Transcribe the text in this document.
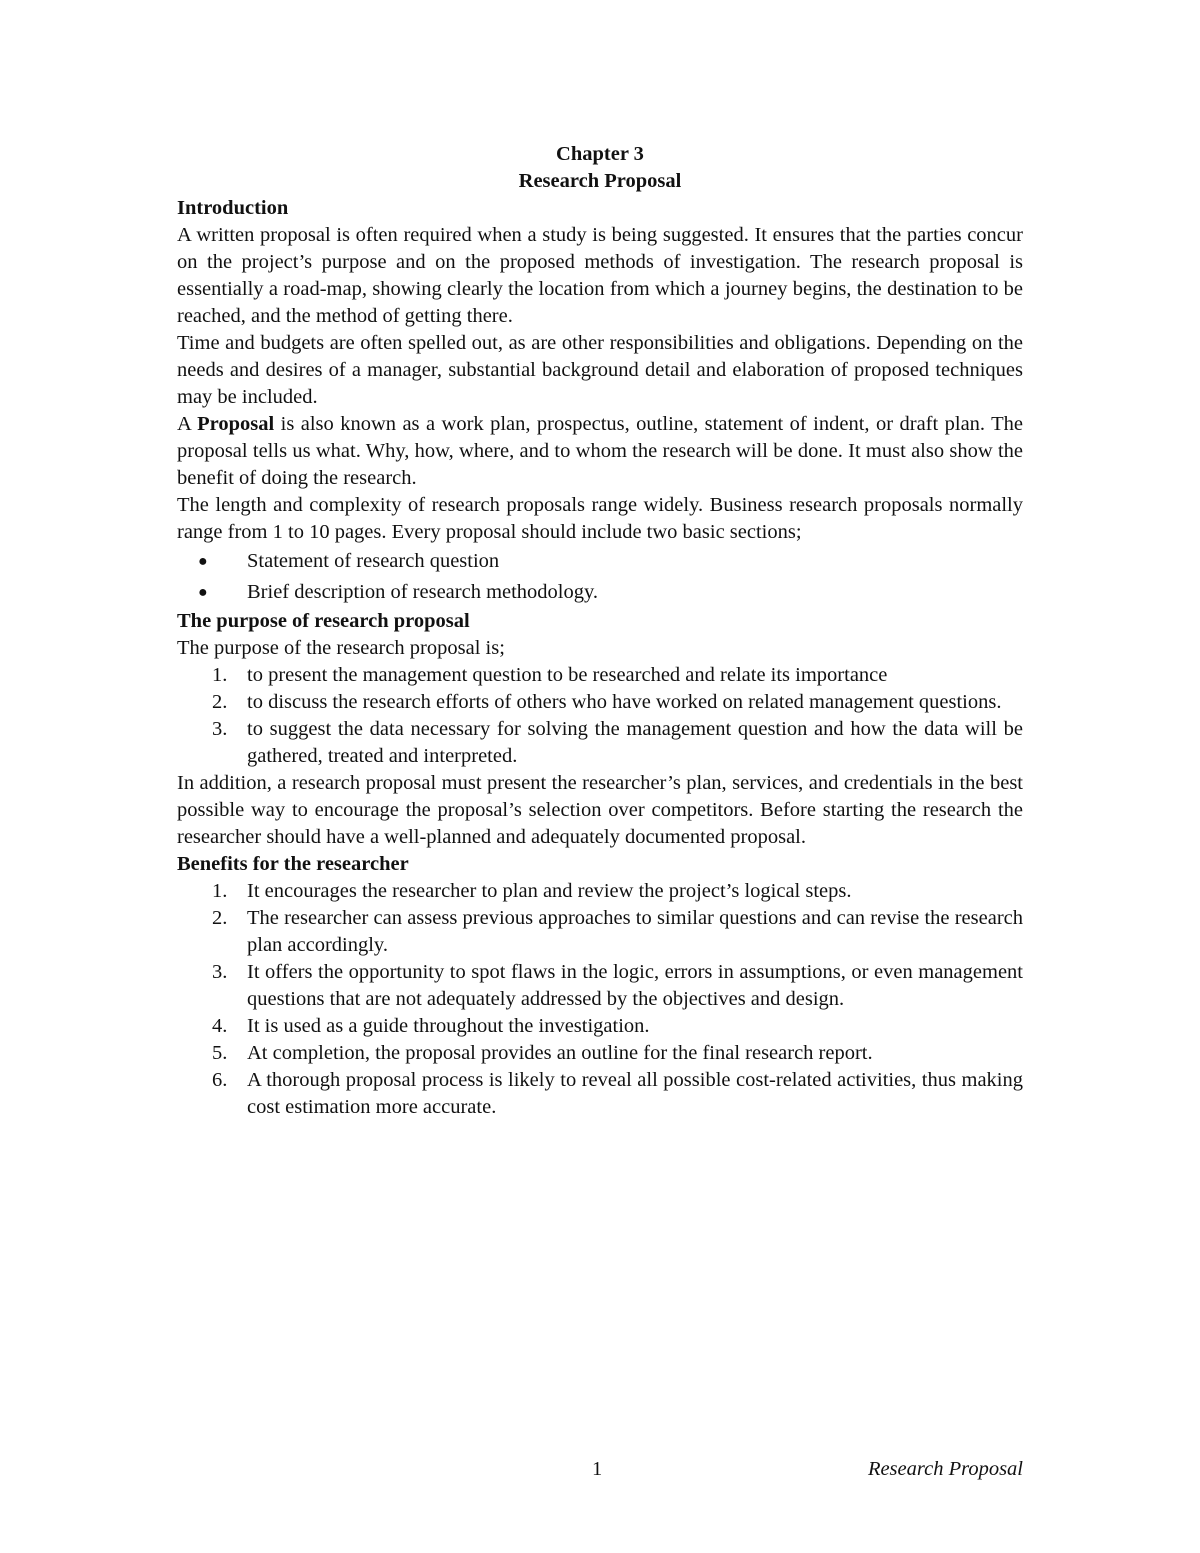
Chapter 3
Research Proposal
Introduction

A written proposal is often required when a study is being suggested. It ensures that the parties concur on the project’s purpose and on the proposed methods of investigation. The research proposal is essentially a road-map, showing clearly the location from which a journey begins, the destination to be reached, and the method of getting there.

Time and budgets are often spelled out, as are other responsibilities and obligations. Depending on the needs and desires of a manager, substantial background detail and elaboration of proposed techniques may be included.

A Proposal is also known as a work plan, prospectus, outline, statement of indent, or draft plan. The proposal tells us what. Why, how, where, and to whom the research will be done. It must also show the benefit of doing the research.

The length and complexity of research proposals range widely. Business research proposals normally range from 1 to 10 pages. Every proposal should include two basic sections;

● Statement of research question
● Brief description of research methodology.
The purpose of research proposal

The purpose of the research proposal is;

1. to present the management question to be researched and relate its importance
2. to discuss the research efforts of others who have worked on related management questions.
3. to suggest the data necessary for solving the management question and how the data will be gathered, treated and interpreted.

In addition, a research proposal must present the researcher’s plan, services, and credentials in the best possible way to encourage the proposal’s selection over competitors. Before starting the research the researcher should have a well-planned and adequately documented proposal.

Benefits for the researcher
1. It encourages the researcher to plan and review the project’s logical steps.
2. The researcher can assess previous approaches to similar questions and can revise the research plan accordingly.
3. It offers the opportunity to spot flaws in the logic, errors in assumptions, or even management questions that are not adequately addressed by the objectives and design.
4. It is used as a guide throughout the investigation.
5. At completion, the proposal provides an outline for the final research report.
6. A thorough proposal process is likely to reveal all possible cost-related activities, thus making cost estimation more accurate.
1	Research Proposal
